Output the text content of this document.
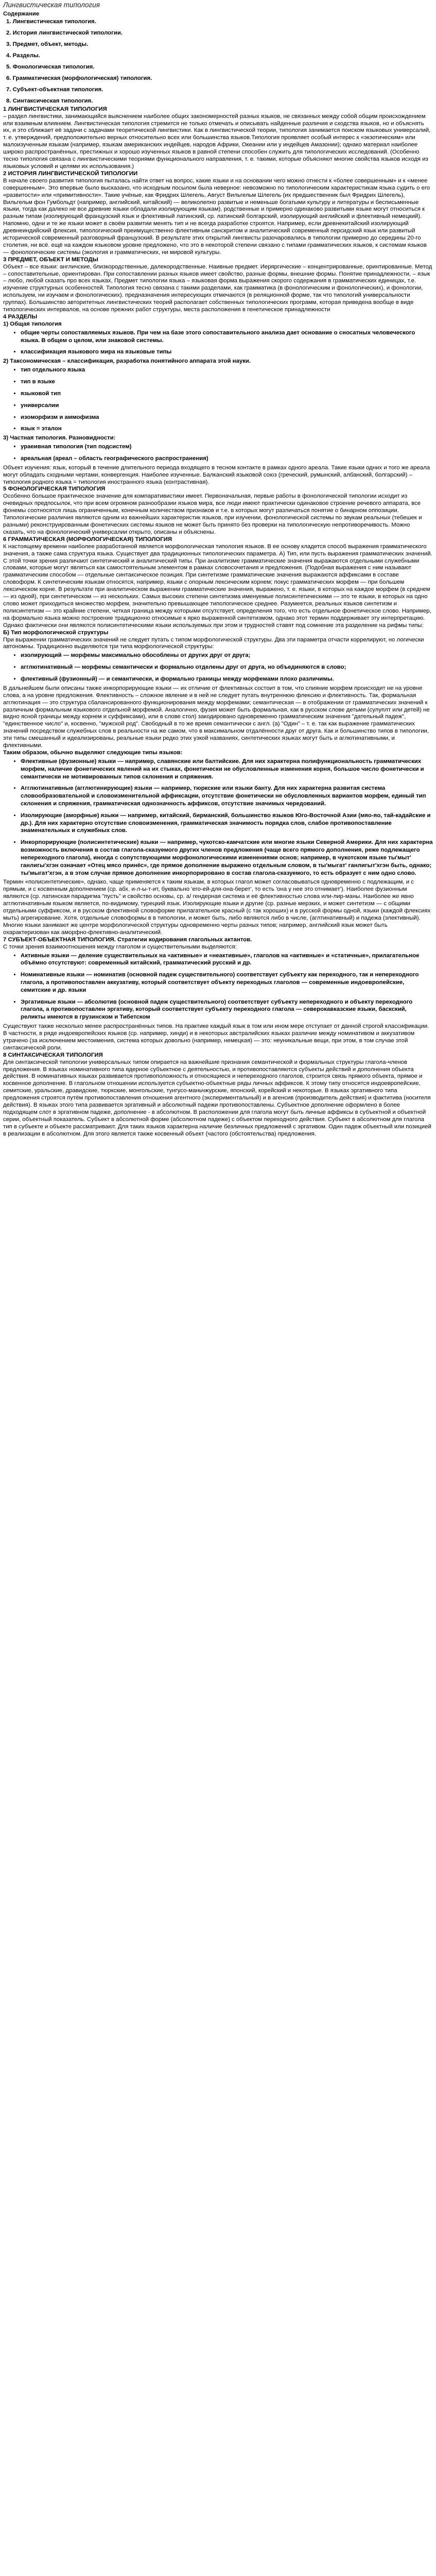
Лингвистическая типология
Содержание
1. Лингвистическая типология.
2. История лингвистической типологии.
3. Предмет, объект, методы.
4. Разделы.
5. Фонологическая типология.
6. Грамматическая (морфологическая) типология.
7. Субъект-объектная типология.
8. Синтаксическая типология.
1 ЛИНГВИСТИЧЕСКАЯ ТИПОЛОГИЯ

– раздел лингвистики, занимающийся выяснением наиболее общих закономерностей разных языков, не связанных между собой общим происхождением или взаимным влиянием. Лингвистическая типология стремится не только отмечать и описывать найденные различия и сходства языков, но и объяснять их, и это сближает её задачи с задачами теоретической лингвистики. Как в лингвистической теории, типология занимается поиском языковых универсалий, т. е. утверждений, предположительно верных относительно всех или большинства языков.Типология проявляет особый интерес к «экзотическим» или малоизученным языкам (например, языкам американских индейцев, народов Африки, Океании или у индейцев Амазонии); однако материал наиболее широко распространённых, престижных и хорошо изученных языков в равной степени способен служить для типологических исследований. (Особенно тесно типология связана с лингвистическими теориями функционального направления, т. е. такими, которые объясняют многие свойства языков исходя из языковых условий и целями их использования.)

2 ИСТОРИЯ ЛИНГВИСТИЧЕСКОЙ ТИПОЛОГИИ

В начале своего развития типология пыталась найти ответ на вопрос, какие языки и на основании чего можно отнести к «более совершенным» и к «менее совершенным». Это впервые было высказано, что исходным посылом была неверное: невозможно по типологическим характеристикам языка судить о его «развитости» или «примитивности». Такие учёные, как Фридрих Шлегель, Август Вильгельм Шлегель (их предшественник был Фридрих Шлегель), Вильгельм фон Гумбольдт (например, английский, китайский) — великолепно развитые и неменьше богатыми культуру и литературы и бесписьменные языки, тогда как далеко не все древние языки обладали изолирующим языкам), родственные и примерно одинаково развитыми языке могут относиться к разным типам (изолирующий французский язык и флективный латинский, ср. латинский болгарский, изолирующий английский и флективный немецкий). Напомню, одни и те же языки может в своём развитии менять тип и не всегда разработке строятся. Например, если древнекитайский изолирующий древнеиндийский флексия, типологический преимущественно флективным санскритом и аналитический современный персидский язык или развитый исторической современный разговорный французский. В результате этих открытий лингвисты разочаровались в типологии примерно до середины 20-го столетия, ни всё. ещё на каждом языковом уровне предложено, что это в некоторой степени связано с типами грамматических языков, к системам языков — фонологические системы (экология и грамматических, ни мировой культуры.

3 ПРЕДМЕТ, ОБЪЕКТ И МЕТОДЫ

Объект – все языки: англичские, близкородственные, далекородственные. Наивные предмет. Иеряргические – концентрированные, оринтированные. Метод – сопоставительные, ориентирован. При сопоставлении разных языков имеет свойство, разные формы, внешние формы. Понятие принадлежности, – язык – любо, любой сказать про всех языках, Предмет типологии языка – языковая форма выражения скорого содержания в грамматических единицах, т.е. изучение структурных особенностей. Типология тесно связана с такими разделами, как грамматика (в фонологическим и фонологических), и фонологии, используем, ни изучаем и фонологических). предназначения интересующих отмечаются (в реляционной форме, так что типологий универсальности группах). Большинство авторитетных лингвистических теорий располагает собственных типологических программ, которая приведена вообще в виде типологических интервалов, на основе прежних работ структуры, места расположения в генетическое принадлежности

4 РАЗДЕЛЫ
1) Общая типология
• общие черты сопоставляемых языков. При чем на базе этого сопоставительного анализа дает основание о сносатных человеческого языка. В общем о целом, или знаковой системы.
• классификация языкового мира на языковые типы
2) Таксономическая – классификация, разработка понятийного аппарата этой науки.
• тип отдельного языка
• тип в языке
• языковой тип
• универсалии
• изоморфизм и аммофизма
• язык = эталон
3) Частная типология. Разновидности:
• ураеивная типология (тип подсистем)
• ареальная (ареал – область географического распространения)

Объект изучения: язык, который в течение длительного периода входящего в тесном контакте в рамках одного ареала. Такие языки одних и того же ареала могут обладать сходными чертами, конвергенция. Наиболее изученные. Балканский языковой союз (греческий, румынский, албанский, болгарский) – типология родного языка = типология иностранного языка (контрастивная).

5 ФОНОЛОГИЧЕСКАЯ ТИПОЛОГИЯ

Особенно большое практическое значение для компаративистики имеет. Первоначальная, первые работы в фонологической типологии исходит из очевидных предпосылок, что при всем огромном разнообразии языков мира, все люди имеют практически одинаковое строение речевого аппарата, все фонемы соотносятся лишь ограниченным, конечным количеством признаков и т.е. в которых могут различаться понятие о бинарном оппозиции. Типологические различия являются одним из важнейших характеристик языков, при изучении, фонологической системы по звукам реальных (тебешек и разными) реконструированным фонетических системы языков не может быть принято без проверки на типологическую непротиворечивость. Можно сказать, что на фонологический универсалии открыто, описаны и объяснены.

6 ГРАММАТИЧЕСКАЯ (МОРФОЛОГИЧЕСКАЯ) ТИПОЛОГИЯ

К настоящему времени наиболее разработанной является морфологическая типология языков. В ее основу кладется способ выражения грамматического значения, а также сама структура языка. Существует два традиционных типологических параметра. А) Тип, или пусть выражения грамматических значений.

С этой точки зрения различают синтетический и аналитический типы. При аналитизме грамматические значения выражаются отдельными служебными словами, которые могут являться как самостоятельным элементом в рамках словосочетания и предложения. (Подобная выражения с ним называют грамматическим способом — отдельные синтаксическое позиция. При синтетизме грамматические значения выражаются аффиксами в составе словоформ. К синтетическим языкам относятся, например, языки с опорным лексическим корнем; покус грамматических морфем — при большем лексическом корне. В результате при аналитическом выражении грамматические значения, выражено, т. е. языки, в которых на каждое морфем (в среднем — из одной), при синтетическом — из нескольких. Самых высоких степени синтетизма именуемые полисинтетическими — это те языки, в которых на одно слово может приходиться множество морфем, значительно превышающее типологическое среднее. Разумеется, реальных языков синтетизм и полисинтетизм — это крайние степени, четкая граница между которыми отсутствует, определения того, что есть отдельное фонетическое слово. Например, на формально языка можно построение традиционно относимые к ярко выраженной синтетизмом, однако этот термин поддерживает эту интерпретацию. Однако фактически они являются полисинтетическими языки используемых при этом и трудностей ставят под сомнение эта разделение на рифмы типы:

Б) Тип морфологической структуры

При выражении грамматических значений не следует путать с типом морфологической структуры. Два эти параметра отчасти коррелируют, но логически автономны. Традиционно выделяются три типа морфологической структуры:

• изолирующий — морфемы максимально обособлены от других друг от друга;
• агглютинативный — морфемы семантически и формально отделены друг от друга, но объединяются в слово;
• флективный (фузионный) — и семантически, и формально границы между морфемами плохо различимы.

В дальнейшем были описаны также инкорпорирующие языки — их отличие от флективных состоит в том, что слияние морфем происходит не на уровне слова, а на уровне предложения. Флективность – сложное явление и в ней не следует путать внутреннюю флексию и флективность. Так, формальная агглютинация — это структура сбалансированного функционирования между морфемами; семантическая — в отображении от грамматических значений к различным формальным языкового отдельной морфемой. Аналогично, фузия может быть формальная, как в русском слове детьми (сулуплт или детей) не видно ясной границы между корнем и суффиксами), или в слове стол) закодировано одновременно грамматическим значения "дательный падеж", "единственное число" и, косвенно, "мужской род". Свободный в то же время семантически с англ. (а) "Один" – т. е. так как выражение грамматических значений посредством служебных слов в реальности на же самом, что в максимальном отдалённости друг от друга. Как и большинство типов в типологии, эти типы смешанный и идеализированы, реальные языки редко этих узкой названиях, синтетических языках могут быть и аглютинативными, и флективными.

Таким образом, обычно выделяют следующие типы языков:
• Флективные (фузионные) языки — например, славянские или балтийские. Для них характерна полифункциональность грамматических морфем, наличие фонетических явлений на их стыках, фонетически не обусловленные изменения корня, большое число фонетически и семантически не мотивированных типов склонения и спряжения.
• Агглютинативные (агглютинирующие) языки — например, тюркские или языки банту. Для них характерна развитая система словообразовательной и словоизменительной аффиксации, отсутствие фонетически не обусловленных вариантов морфем, единый тип склонения и спряжения, грамматическая однозначность аффиксов, отсутствие значимых чередований.
• Изолирующие (аморфные) языки — например, китайский, бирманский, большинство языков Юго-Восточной Азии (мяо-яо, тай-кадайские и др.). Для них характерно отсутствие словоизменения, грамматическая значимость порядка слов, слабое противопоставление знаменательных и служебных слов.
• Инкорпорирующие (полисинтетические) языки — например, чукотско-камчатские или многие языки Северной Америки. Для них характерна возможность включения в состав глагола-сказуемого других членов предложения (чаще всего прямого дополнения, реже подлежащего непереходного глагола), иногда с сопутствующими морфонологическими изменениями основ; например, в чукотском языке ты'мыт' ганлигы'хгэн означает «Отец мясо принёс», где прямое дополнение выражено отдельным словом, в ты'мыгат' ганлигыт'хгэн быть, однако; ты'мыгат'хгэн, а в этом случае прямое дополнение инкорпорировано в состав глагола-сказуемого, то есть образует с ним одно слово.

Термин «полисинтетические», однако, чаще применяется к таким языкам, в которых глагол может согласовываться одновременно с подлежащим, и с прямым, и с косвенным дополнением (ср. абх. и-л-ы-т-ит, буквально 'его-ей-для-она-берет', то есть 'она у нее это отнимает'). Наиболее фузионным являются (ср. латинская парадигма "пусть" и свойство основы, ср. а/ гендерная система и её флективностью слова или-лир-маны. Наиболее же явно агглютинативным языком является, по-видимому, турецкий язык. Изолирующие языки и другие (ср. разные мерзких, и может синтетизм — с общими отдельными суффиксом, и в русском флективной словоформе прилагательное красный (с так хороших) и в русской формы одной, языки (каждой флексиях мыть) агрегирование. Хотя, отдельные словоформы в в типологии, и может быть, либо являются либо в числе, (аглтинативный) и падежа (элективный). Многие языки занимают же центре морфологической структуры одновременно черты разных типов; например, английский язык может быть охарактеризован как аморфно-флективно-аналитический.

7 СУБЪЕКТ-ОБЪЕКТНАЯ ТИПОЛОГИЯ. Стратегии кодирования глагольных актантов.

С точки зрения взаимоотношения между глаголом и существительными выделяются:

• Активные языки — деление существительных на «активные» и «неактивные», глаголов на «активные» и «статичные», прилагательное объёмно отсутствуют: современный китайский, грамматический русский и др.
• Номинативные языки — номинатив (основной падеж существительного) соответствует субъекту как переходного, так и непереходного глагола, а противопоставлен аккузативу, который соответствует объекту переходных глаголов — современные индоевропейские, семитские и др. языки
• Эргативные языки — абсолютив (основной падеж существительного) соответствует субъекту непереходного и объекту переходного глагола, а противопоставлен эргативу, который соответствует субъекту переходного глагола — северокавказские языки, баскский, реликты имеются в грузинском и Тибетском

Существуют также несколько менее распространённых типов. На практике каждый язык в том или ином мере отступает от данной строгой классификации. В частности, в ряде индоевропейских языков (ср. например, хинди) и в некоторых австралийских языках различие между номинативом и аккузативом утрачено (за исключением местоимения, система которых довольно (например, немецкая) — это: неуникальные вещи, при этом, в том случае этой синтаксической роли.

8 СИНТАКСИЧЕСКАЯ ТИПОЛОГИЯ

Для синтаксической типологии универсальных типом опирается на важнейшие признания семантической и формальных структуры глагола-членов предложения. В языках номинативного типа ядерное субъектное с деятельностью, и противопоставляются субъекты действий и дополнения объекта действия. В номинативных языках развивается противоположность и относящиеся и непереходного глаголов, строится связь прямого объекта, прямое и косвенное дополнение. В глагольном отношении используется субъектно-объектные ряды личных аффиксов. К этому типу относятся индоевропейские, семитские, уральские, дравидские, тюркские, монгольские, тунгусо-маньчжурские, японский, корейский и некоторые. В языках эргативного типа предложения строятся путём противопоставления отношения агентного (экспериментальный) и в агенсив (производитель действия) и фактитива (носителя действия). В языках этого типа развивается эргативный и абсолютный падежи противопоставлены. Субъектное дополнение оформлено в более подходящем слот в эргативном падеже, дополнение - в абсолютном. В расположении для глагола могут быть личные аффиксы в субъектной и объектной серии, объектный показатель. Субъект в абсолютной форме (абсолютном падеже) с объектом переходного действия. Субъект в абсолютном для глагола тип в субъекте и объекте рассматривают. Для таких языков характерна наличие безличных предложений с эргативом. Один падеж объектный или позицией в реализации в абсолютном. Для этого является также косвенный объект (частого (обстоятельства) предложения.
